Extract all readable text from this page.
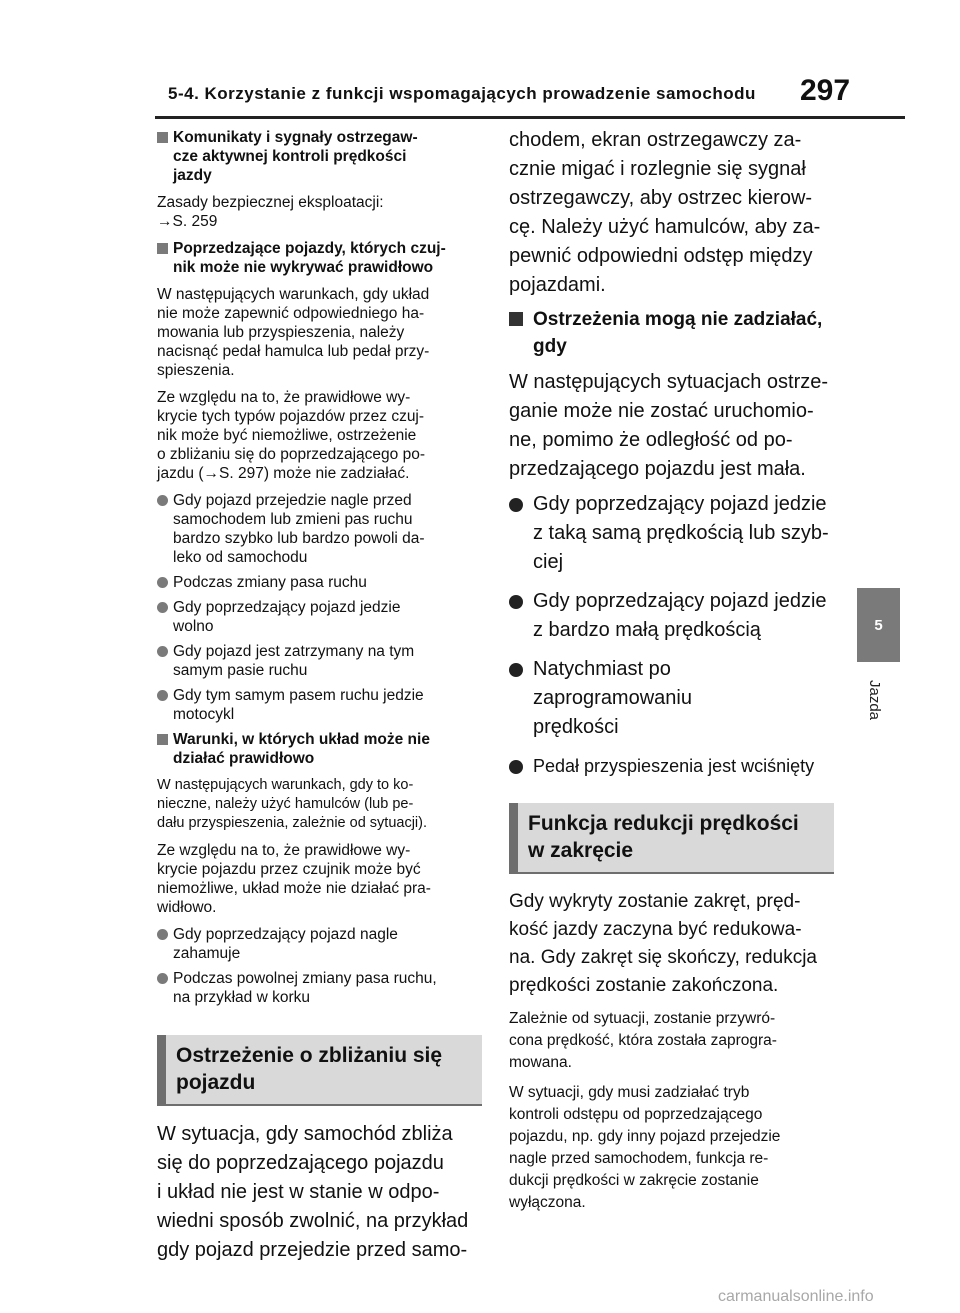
5-4. Korzystanie z funkcji wspomagających prowadzenie samochodu 297
5
Jazda
Komunikaty i sygnały ostrzegaw-
cze aktywnej kontroli prędkości
jazdy
Zasady bezpiecznej eksploatacji:
→S. 259
Poprzedzające pojazdy, których czuj-
nik może nie wykrywać prawidłowo
W następujących warunkach, gdy układ
nie może zapewnić odpowiedniego ha-
mowania lub przyspieszenia, należy
nacisnąć pedał hamulca lub pedał przy-
spieszenia.
Ze względu na to, że prawidłowe wy-
krycie tych typów pojazdów przez czuj-
nik może być niemożliwe, ostrzeżenie
o zbliżaniu się do poprzedzającego po-
jazdu (→S. 297) może nie zadziałać.
Gdy pojazd przejedzie nagle przed
samochodem lub zmieni pas ruchu
bardzo szybko lub bardzo powoli da-
leko od samochodu
Podczas zmiany pasa ruchu
Gdy poprzedzający pojazd jedzie
wolno
Gdy pojazd jest zatrzymany na tym
samym pasie ruchu
Gdy tym samym pasem ruchu jedzie
motocykl
Warunki, w których układ może nie
działać prawidłowo
W następujących warunkach, gdy to ko-
nieczne, należy użyć hamulców (lub pe-
dału przyspieszenia, zależnie od sytuacji).
Ze względu na to, że prawidłowe wy-
krycie pojazdu przez czujnik może być
niemożliwe, układ może nie działać pra-
widłowo.
Gdy poprzedzający pojazd nagle
zahamuje
Podczas powolnej zmiany pasa ruchu,
na przykład w korku
Ostrzeżenie o zbliżaniu się
pojazdu
W sytuacja, gdy samochód zbliża
się do poprzedzającego pojazdu
i układ nie jest w stanie w odpo-
wiedni sposób zwolnić, na przykład
gdy pojazd przejedzie przed samo-
chodem, ekran ostrzegawczy za-
cznie migać i rozlegnie się sygnał
ostrzegawczy, aby ostrzec kierow-
cę. Należy użyć hamulców, aby za-
pewnić odpowiedni odstęp między
pojazdami.
Ostrzeżenia mogą nie zadziałać,
gdy
W następujących sytuacjach ostrze-
ganie może nie zostać uruchomio-
ne, pomimo że odległość od po-
przedzającego pojazdu jest mała.
Gdy poprzedzający pojazd jedzie
z taką samą prędkością lub szyb-
ciej
Gdy poprzedzający pojazd jedzie
z bardzo małą prędkością
Natychmiast po zaprogramowaniu
prędkości
Pedał przyspieszenia jest wciśnięty
Funkcja redukcji prędkości
w zakręcie
Gdy wykryty zostanie zakręt, pręd-
kość jazdy zaczyna być redukowa-
na. Gdy zakręt się skończy, redukcja
prędkości zostanie zakończona.
Zależnie od sytuacji, zostanie przywró-
cona prędkość, która została zaprogra-
mowana.
W sytuacji, gdy musi zadziałać tryb
kontroli odstępu od poprzedzającego
pojazdu, np. gdy inny pojazd przejedzie
nagle przed samochodem, funkcja re-
dukcji prędkości w zakręcie zostanie
wyłączona.
carmanualsonline.info
